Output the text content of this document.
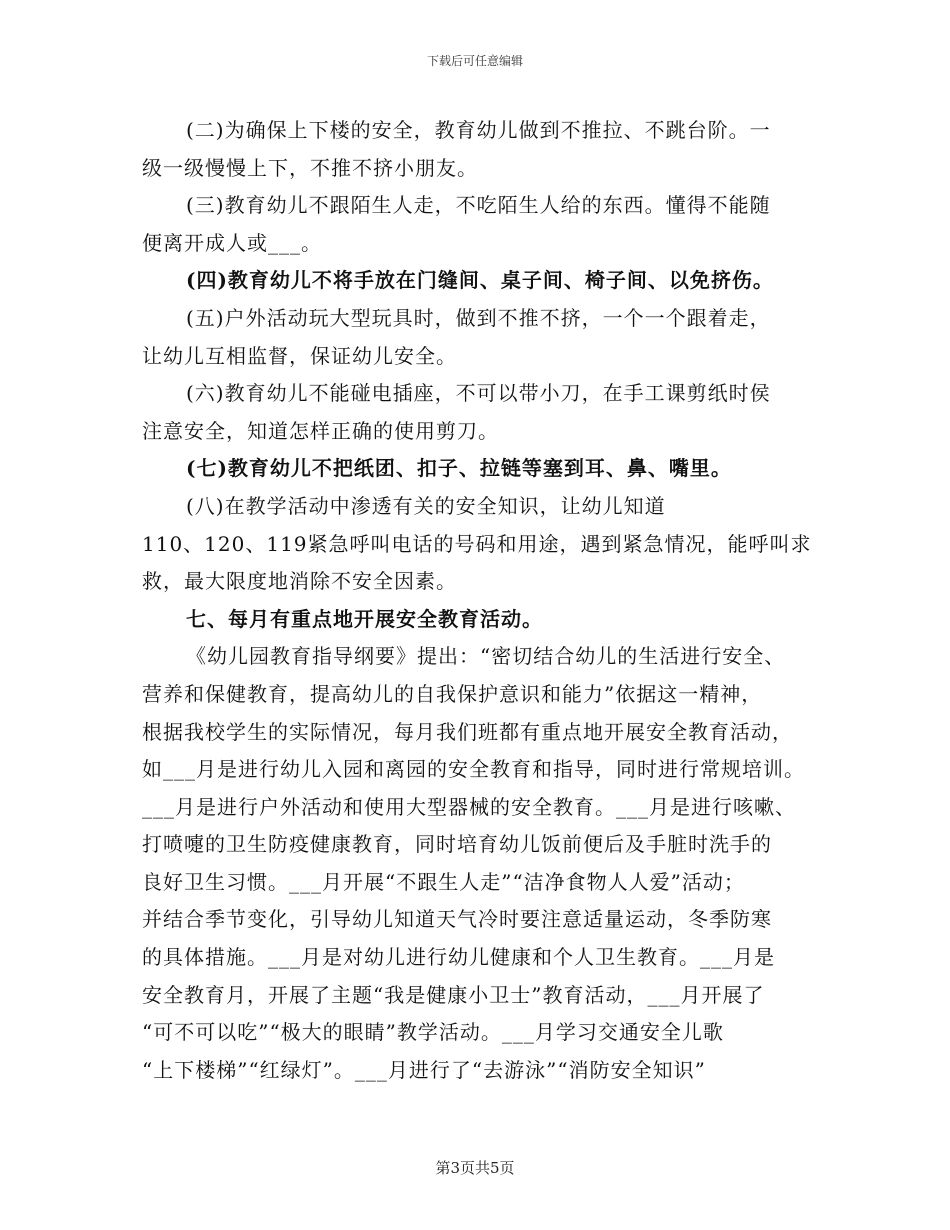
下载后可任意编辑
(二)为确保上下楼的安全，教育幼儿做到不推拉、不跳台阶。一
级一级慢慢上下，不推不挤小朋友。
(三)教育幼儿不跟陌生人走，不吃陌生人给的东西。懂得不能随
便离开成人或___。
(四)教育幼儿不将手放在门缝间、桌子间、椅子间、以免挤伤。
(五)户外活动玩大型玩具时，做到不推不挤，一个一个跟着走，
让幼儿互相监督，保证幼儿安全。
(六)教育幼儿不能碰电插座，不可以带小刀，在手工课剪纸时侯
注意安全，知道怎样正确的使用剪刀。
(七)教育幼儿不把纸团、扣子、拉链等塞到耳、鼻、嘴里。
(八)在教学活动中渗透有关的安全知识，让幼儿知道
110、120、119紧急呼叫电话的号码和用途，遇到紧急情况，能呼叫求
救，最大限度地消除不安全因素。
七、每月有重点地开展安全教育活动。
《幼儿园教育指导纲要》提出：“密切结合幼儿的生活进行安全、
营养和保健教育，提高幼儿的自我保护意识和能力”依据这一精神，
根据我校学生的实际情况，每月我们班都有重点地开展安全教育活动，
如___月是进行幼儿入园和离园的安全教育和指导，同时进行常规培训。
___月是进行户外活动和使用大型器械的安全教育。___月是进行咳嗽、
打喷嚏的卫生防疫健康教育，同时培育幼儿饭前便后及手脏时洗手的
良好卫生习惯。___月开展“不跟生人走”“洁净食物人人爱”活动；
并结合季节变化，引导幼儿知道天气冷时要注意适量运动，冬季防寒
的具体措施。___月是对幼儿进行幼儿健康和个人卫生教育。___月是
安全教育月，开展了主题“我是健康小卫士”教育活动，___月开展了
“可不可以吃”“极大的眼睛”教学活动。___月学习交通安全儿歌
“上下楼梯”“红绿灯”。___月进行了“去游泳”“消防安全知识”
第3页共5页
